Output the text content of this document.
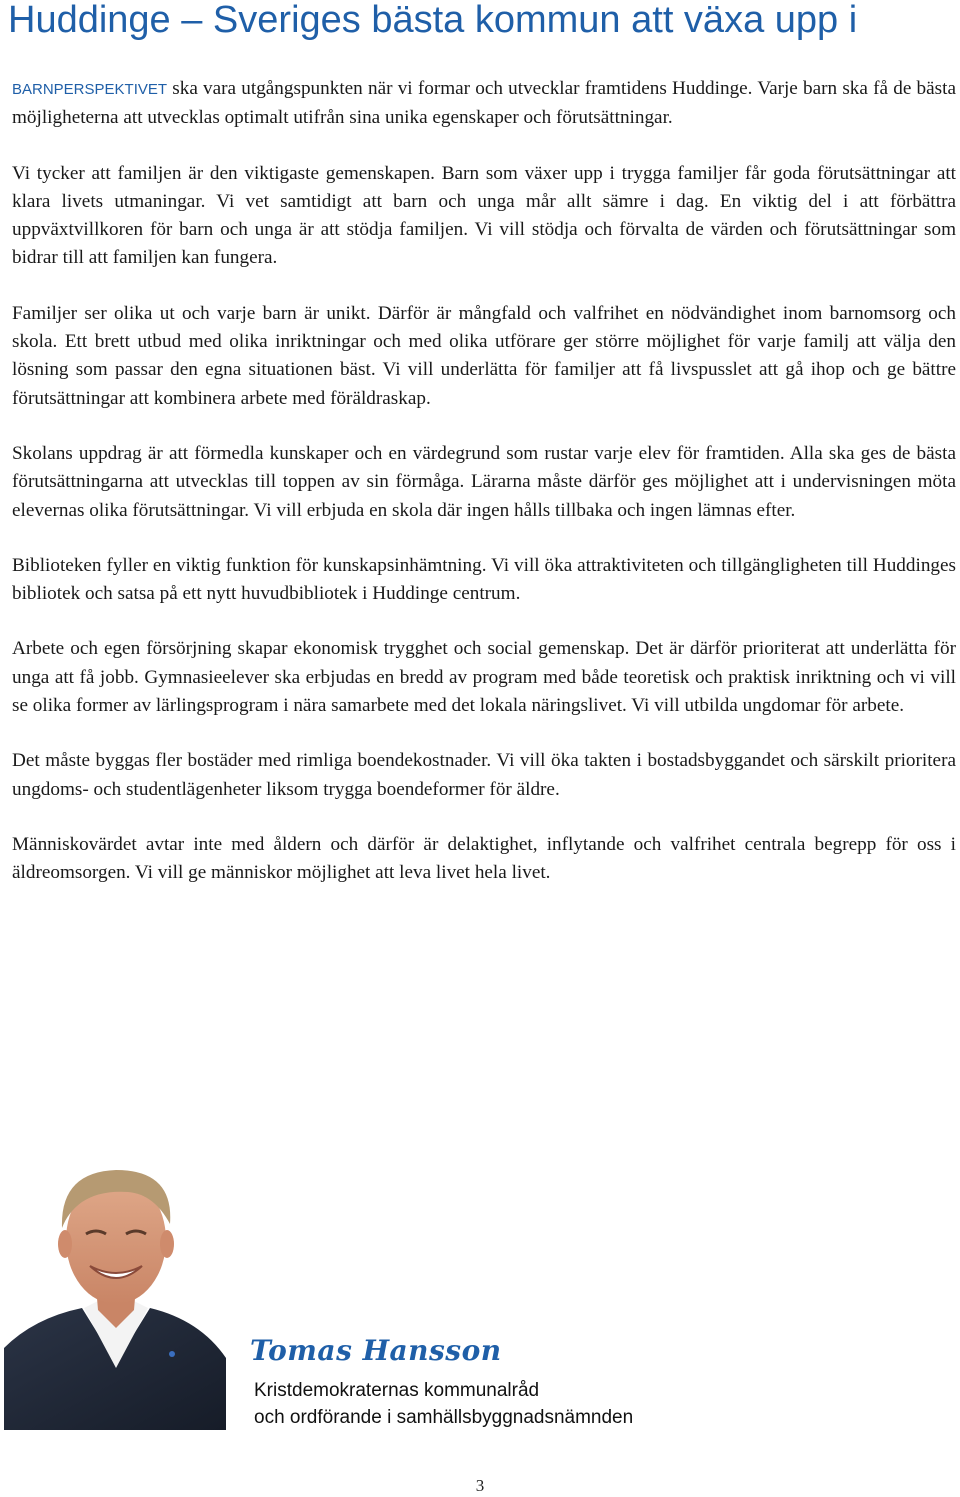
Huddinge – Sveriges bästa kommun att växa upp i

BARNPERSPEKTIVET ska vara utgångspunkten när vi formar och utvecklar framtidens Huddinge. Varje barn ska få de bästa möjligheterna att utvecklas optimalt utifrån sina unika egenskaper och förutsättningar.

Vi tycker att familjen är den viktigaste gemenskapen. Barn som växer upp i trygga familjer får goda förutsättningar att klara livets utmaningar. Vi vet samtidigt att barn och unga mår allt sämre i dag. En viktig del i att förbättra uppväxtvillkoren för barn och unga är att stödja familjen. Vi vill stödja och förvalta de värden och förutsättningar som bidrar till att familjen kan fungera.

Familjer ser olika ut och varje barn är unikt. Därför är mångfald och valfrihet en nödvändighet inom barnomsorg och skola. Ett brett utbud med olika inriktningar och med olika utförare ger större möjlighet för varje familj att välja den lösning som passar den egna situationen bäst. Vi vill underlätta för familjer att få livspusslet att gå ihop och ge bättre förutsättningar att kombinera arbete med föräldraskap.

Skolans uppdrag är att förmedla kunskaper och en värdegrund som rustar varje elev för framtiden. Alla ska ges de bästa förutsättningarna att utvecklas till toppen av sin förmåga. Lärarna måste därför ges möjlighet att i undervisningen möta elevernas olika förutsättningar. Vi vill erbjuda en skola där ingen hålls tillbaka och ingen lämnas efter.

Biblioteken fyller en viktig funktion för kunskapsinhämtning. Vi vill öka attraktiviteten och tillgängligheten till Huddinges bibliotek och satsa på ett nytt huvudbibliotek i Huddinge centrum.

Arbete och egen försörjning skapar ekonomisk trygghet och social gemenskap. Det är därför prioriterat att underlätta för unga att få jobb. Gymnasieelever ska erbjudas en bredd av program med både teoretisk och praktisk inriktning och vi vill se olika former av lärlingsprogram i nära samarbete med det lokala näringslivet. Vi vill utbilda ungdomar för arbete.

Det måste byggas fler bostäder med rimliga boendekostnader. Vi vill öka takten i bostadsbyggandet och särskilt prioritera ungdoms- och studentlägenheter liksom trygga boendeformer för äldre.

Människovärdet avtar inte med åldern och därför är delaktighet, inflytande och valfrihet centrala begrepp för oss i äldreomsorgen. Vi vill ge människor möjlighet att leva livet hela livet.

Tomas Hansson
Kristdemokraternas kommunalråd
och ordförande i samhällsbyggnadsnämnden
3
